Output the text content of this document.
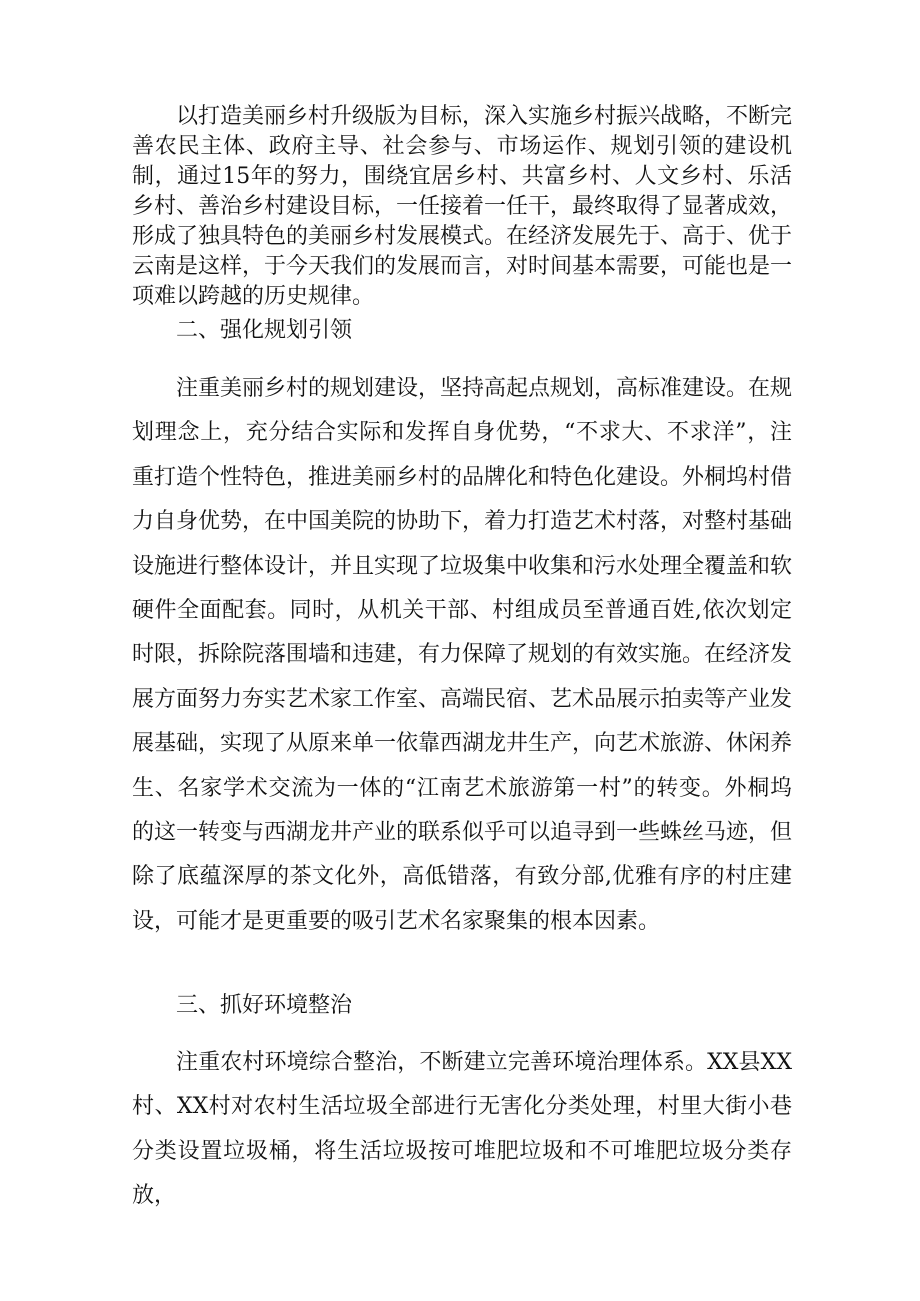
以打造美丽乡村升级版为目标，深入实施乡村振兴战略，不断完善农民主体、政府主导、社会参与、市场运作、规划引领的建设机制，通过15年的努力，围绕宜居乡村、共富乡村、人文乡村、乐活乡村、善治乡村建设目标，一任接着一任干，最终取得了显著成效，形成了独具特色的美丽乡村发展模式。在经济发展先于、高于、优于云南是这样，于今天我们的发展而言，对时间基本需要，可能也是一项难以跨越的历史规律。

二、强化规划引领

注重美丽乡村的规划建设，坚持高起点规划，高标准建设。在规划理念上，充分结合实际和发挥自身优势，“不求大、不求洋”，注重打造个性特色，推进美丽乡村的品牌化和特色化建设。外桐坞村借力自身优势，在中国美院的协助下，着力打造艺术村落，对整村基础设施进行整体设计，并且实现了垃圾集中收集和污水处理全覆盖和软硬件全面配套。同时，从机关干部、村组成员至普通百姓,依次划定时限，拆除院落围墙和违建，有力保障了规划的有效实施。在经济发展方面努力夯实艺术家工作室、高端民宿、艺术品展示拍卖等产业发展基础，实现了从原来单一依靠西湖龙井生产，向艺术旅游、休闲养生、名家学术交流为一体的“江南艺术旅游第一村”的转变。外桐坞的这一转变与西湖龙井产业的联系似乎可以追寻到一些蛛丝马迹，但除了底蕴深厚的茶文化外，高低错落，有致分部,优雅有序的村庄建设，可能才是更重要的吸引艺术名家聚集的根本因素。

三、抓好环境整治

注重农村环境综合整治，不断建立完善环境治理体系。XX县XX村、XX村对农村生活垃圾全部进行无害化分类处理，村里大街小巷分类设置垃圾桶，将生活垃圾按可堆肥垃圾和不可堆肥垃圾分类存放，
